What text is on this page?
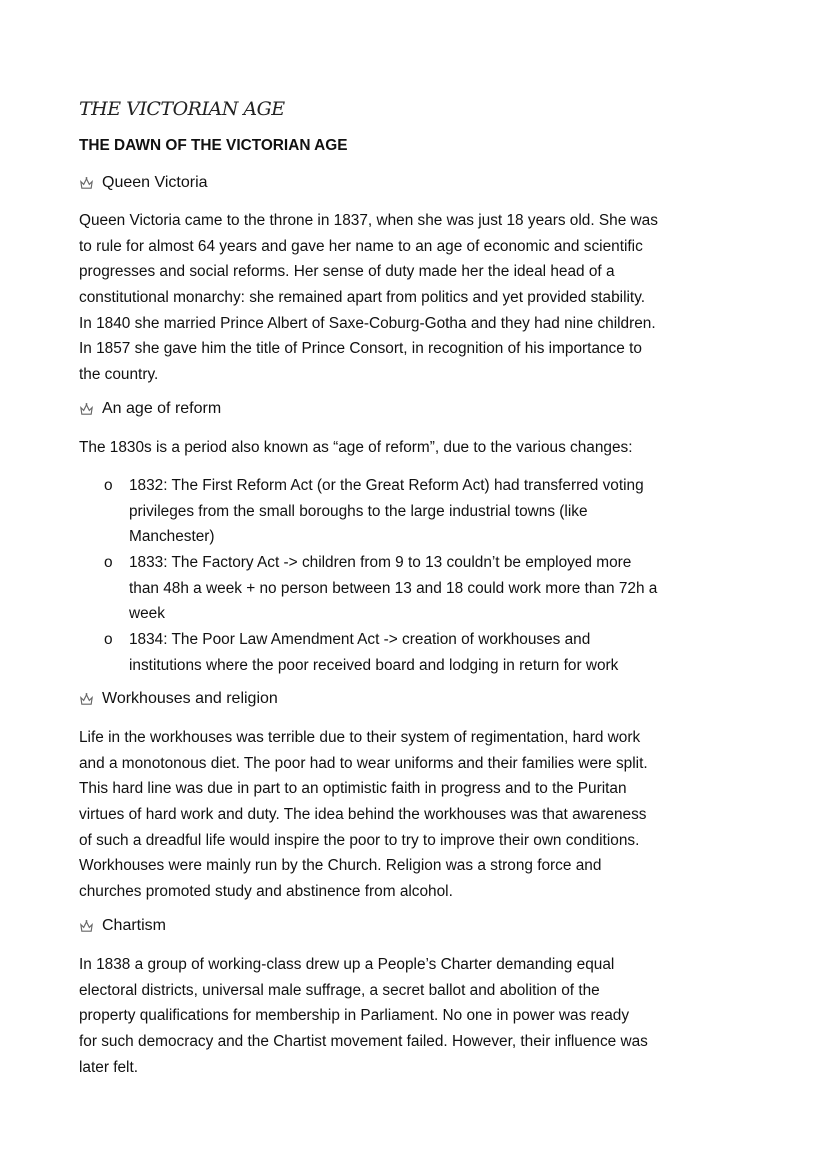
THE VICTORIAN AGE
THE DAWN OF THE VICTORIAN AGE
Queen Victoria
Queen Victoria came to the throne in 1837, when she was just 18 years old. She was
to rule for almost 64 years and gave her name to an age of economic and scientific
progresses and social reforms. Her sense of duty made her the ideal head of a
constitutional monarchy: she remained apart from politics and yet provided stability.
In 1840 she married Prince Albert of Saxe-Coburg-Gotha and they had nine children.
In 1857 she gave him the title of Prince Consort, in recognition of his importance to
the country.
An age of reform
The 1830s is a period also known as “age of reform”, due to the various changes:
o 1832: The First Reform Act (or the Great Reform Act) had transferred voting
privileges from the small boroughs to the large industrial towns (like
Manchester)
o 1833: The Factory Act -> children from 9 to 13 couldn’t be employed more
than 48h a week + no person between 13 and 18 could work more than 72h a
week
o 1834: The Poor Law Amendment Act -> creation of workhouses and
institutions where the poor received board and lodging in return for work
Workhouses and religion
Life in the workhouses was terrible due to their system of regimentation, hard work
and a monotonous diet. The poor had to wear uniforms and their families were split.
This hard line was due in part to an optimistic faith in progress and to the Puritan
virtues of hard work and duty. The idea behind the workhouses was that awareness
of such a dreadful life would inspire the poor to try to improve their own conditions.
Workhouses were mainly run by the Church. Religion was a strong force and
churches promoted study and abstinence from alcohol.
Chartism
In 1838 a group of working-class drew up a People’s Charter demanding equal
electoral districts, universal male suffrage, a secret ballot and abolition of the
property qualifications for membership in Parliament. No one in power was ready
for such democracy and the Chartist movement failed. However, their influence was
later felt.
